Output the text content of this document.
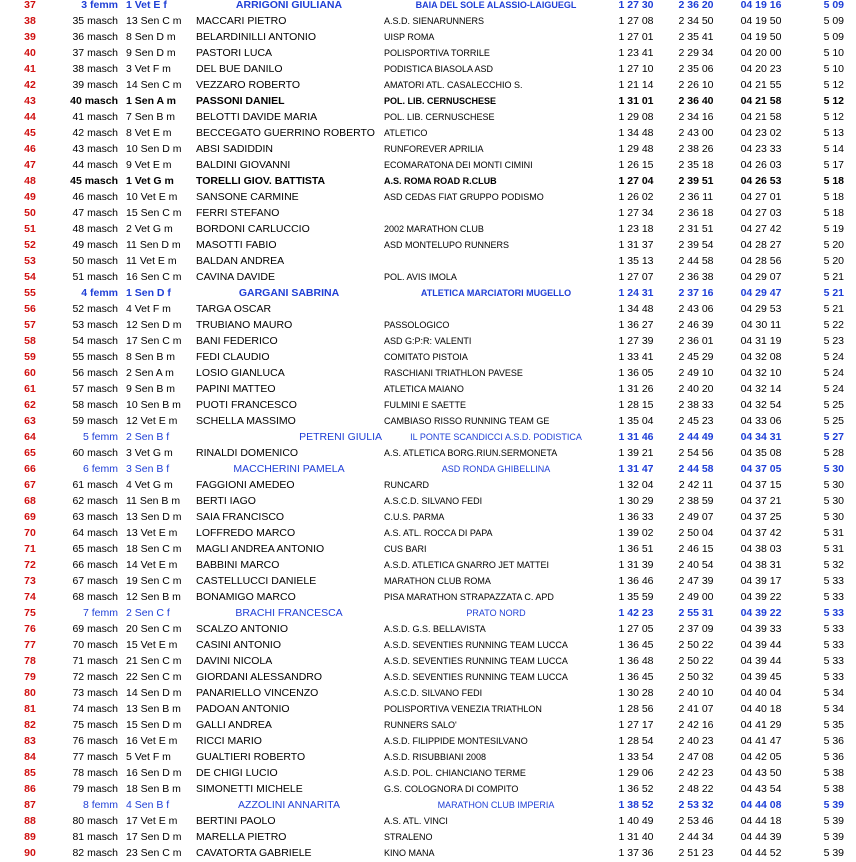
37	3 femm	1 Vet E f	ARRIGONI GIULIANA	BAIA DEL SOLE ALASSIO-LAIGUEGL	1 27 30	2 36 20	04 19 16	5 09
38	35 masch	13 Sen C m	MACCARI PIETRO	A.S.D. SIENARUNNERS	1 27 08	2 34 50	04 19 50	5 09
39	36 masch	8 Sen D m	BELARDINILLI ANTONIO	UISP ROMA	1 27 01	2 35 41	04 19 50	5 09
40	37 masch	9 Sen D m	PASTORI LUCA	POLISPORTIVA TORRILE	1 23 41	2 29 34	04 20 00	5 10
41	38 masch	3 Vet F m	DEL BUE DANILO	PODISTICA BIASOLA ASD	1 27 10	2 35 06	04 20 23	5 10
42	39 masch	14 Sen C m	VEZZARO ROBERTO	AMATORI ATL. CASALECCHIO S.	1 21 14	2 26 10	04 21 55	5 12
43	40 masch	1 Sen A m	PASSONI DANIEL	POL. LIB. CERNUSCHESE	1 31 01	2 36 40	04 21 58	5 12
44	41 masch	7 Sen B m	BELOTTI DAVIDE MARIA	POL. LIB. CERNUSCHESE	1 29 08	2 34 16	04 21 58	5 12
45	42 masch	8 Vet E m	BECCEGATO GUERRINO ROBERTO	ATLETICO	1 34 48	2 43 00	04 23 02	5 13
46	43 masch	10 Sen D m	ABSI SADIDDIN	RUNFOREVER APRILIA	1 29 48	2 38 26	04 23 33	5 14
47	44 masch	9 Vet E m	BALDINI GIOVANNI	ECOMARATONA DEI MONTI CIMINI	1 26 15	2 35 18	04 26 03	5 17
48	45 masch	1 Vet G m	TORELLI GIOV. BATTISTA	A.S. ROMA ROAD R.CLUB	1 27 04	2 39 51	04 26 53	5 18
49	46 masch	10 Vet E m	SANSONE CARMINE	ASD CEDAS FIAT GRUPPO PODISMO	1 26 02	2 36 11	04 27 01	5 18
50	47 masch	15 Sen C m	FERRI STEFANO		1 27 34	2 36 18	04 27 03	5 18
51	48 masch	2 Vet G m	BORDONI CARLUCCIO	2002 MARATHON CLUB	1 23 18	2 31 51	04 27 42	5 19
52	49 masch	11 Sen D m	MASOTTI FABIO	ASD MONTELUPO RUNNERS	1 31 37	2 39 54	04 28 27	5 20
53	50 masch	11 Vet E m	BALDAN ANDREA		1 35 13	2 44 58	04 28 56	5 20
54	51 masch	16 Sen C m	CAVINA DAVIDE	POL. AVIS IMOLA	1 27 07	2 36 38	04 29 07	5 21
55	4 femm	1 Sen D f	GARGANI SABRINA	ATLETICA MARCIATORI MUGELLO	1 24 31	2 37 16	04 29 47	5 21
56	52 masch	4 Vet F m	TARGA OSCAR		1 34 48	2 43 06	04 29 53	5 21
57	53 masch	12 Sen D m	TRUBIANO MAURO	PASSOLOGICO	1 36 27	2 46 39	04 30 11	5 22
58	54 masch	17 Sen C m	BANI FEDERICO	ASD G:P:R: VALENTI	1 27 39	2 36 01	04 31 19	5 23
59	55 masch	8 Sen B m	FEDI CLAUDIO	COMITATO PISTOIA	1 33 41	2 45 29	04 32 08	5 24
60	56 masch	2 Sen A m	LOSIO GIANLUCA	RASCHIANI TRIATHLON PAVESE	1 36 05	2 49 10	04 32 10	5 24
61	57 masch	9 Sen B m	PAPINI MATTEO	ATLETICA MAIANO	1 31 26	2 40 20	04 32 14	5 24
62	58 masch	10 Sen B m	PUOTI FRANCESCO	FULMINI E SAETTE	1 28 15	2 38 33	04 32 54	5 25
63	59 masch	12 Vet E m	SCHELLA MASSIMO	CAMBIASO RISSO RUNNING TEAM GE	1 35 04	2 45 23	04 33 06	5 25
64	5 femm	2 Sen B f	PETRENI GIULIA	IL PONTE SCANDICCI A.S.D. PODISTICA	1 31 46	2 44 49	04 34 31	5 27
65	60 masch	3 Vet G m	RINALDI DOMENICO	A.S. ATLETICA BORG.RIUN.SERMONETA	1 39 21	2 54 56	04 35 08	5 28
66	6 femm	3 Sen B f	MACCHERINI PAMELA	ASD RONDA GHIBELLINA	1 31 47	2 44 58	04 37 05	5 30
67	61 masch	4 Vet G m	FAGGIONI AMEDEO	RUNCARD	1 32 04	2 42 11	04 37 15	5 30
68	62 masch	11 Sen B m	BERTI IAGO	A.S.C.D. SILVANO FEDI	1 30 29	2 38 59	04 37 21	5 30
69	63 masch	13 Sen D m	SAIA FRANCISCO	C.U.S. PARMA	1 36 33	2 49 07	04 37 25	5 30
70	64 masch	13 Vet E m	LOFFREDO MARCO	A.S. ATL. ROCCA DI PAPA	1 39 02	2 50 04	04 37 42	5 31
71	65 masch	18 Sen C m	MAGLI ANDREA ANTONIO	CUS BARI	1 36 51	2 46 15	04 38 03	5 31
72	66 masch	14 Vet E m	BABBINI MARCO	A.S.D. ATLETICA GNARRO JET MATTEI	1 31 39	2 40 54	04 38 31	5 32
73	67 masch	19 Sen C m	CASTELLUCCI DANIELE	MARATHON CLUB ROMA	1 36 46	2 47 39	04 39 17	5 33
74	68 masch	12 Sen B m	BONAMIGO MARCO	PISA MARATHON STRAPAZZATA C. APD	1 35 59	2 49 00	04 39 22	5 33
75	7 femm	2 Sen C f	BRACHI FRANCESCA	PRATO NORD	1 42 23	2 55 31	04 39 22	5 33
76	69 masch	20 Sen C m	SCALZO ANTONIO	A.S.D. G.S. BELLAVISTA	1 27 05	2 37 09	04 39 33	5 33
77	70 masch	15 Vet E m	CASINI ANTONIO	A.S.D. SEVENTIES RUNNING TEAM LUCCA	1 36 45	2 50 22	04 39 44	5 33
78	71 masch	21 Sen C m	DAVINI NICOLA	A.S.D. SEVENTIES RUNNING TEAM LUCCA	1 36 48	2 50 22	04 39 44	5 33
79	72 masch	22 Sen C m	GIORDANI ALESSANDRO	A.S.D. SEVENTIES RUNNING TEAM LUCCA	1 36 45	2 50 32	04 39 45	5 33
80	73 masch	14 Sen D m	PANARIELLO VINCENZO	A.S.C.D. SILVANO FEDI	1 30 28	2 40 10	04 40 04	5 34
81	74 masch	13 Sen B m	PADOAN ANTONIO	POLISPORTIVA VENEZIA TRIATHLON	1 28 56	2 41 07	04 40 18	5 34
82	75 masch	15 Sen D m	GALLI ANDREA	RUNNERS SALO'	1 27 17	2 42 16	04 41 29	5 35
83	76 masch	16 Vet E m	RICCI MARIO	A.S.D. FILIPPIDE MONTESILVANO	1 28 54	2 40 23	04 41 47	5 36
84	77 masch	5 Vet F m	GUALTIERI ROBERTO	A.S.D. RISUBBIANI 2008	1 33 54	2 47 08	04 42 05	5 36
85	78 masch	16 Sen D m	DE CHIGI LUCIO	A.S.D. POL. CHIANCIANO TERME	1 29 06	2 42 23	04 43 50	5 38
86	79 masch	18 Sen B m	SIMONETTI MICHELE	G.S. COLOGNORA DI COMPITO	1 36 52	2 48 22	04 43 54	5 38
87	8 femm	4 Sen B f	AZZOLINI ANNARITA	MARATHON CLUB IMPERIA	1 38 52	2 53 32	04 44 08	5 39
88	80 masch	17 Vet E m	BERTINI PAOLO	A.S. ATL. VINCI	1 40 49	2 53 46	04 44 18	5 39
89	81 masch	17 Sen D m	MARELLA PIETRO	STRALENO	1 31 40	2 44 34	04 44 39	5 39
90	82 masch	23 Sen C m	CAVATORTA GABRIELE	KINO MANA	1 37 36	2 51 23	04 44 52	5 39
